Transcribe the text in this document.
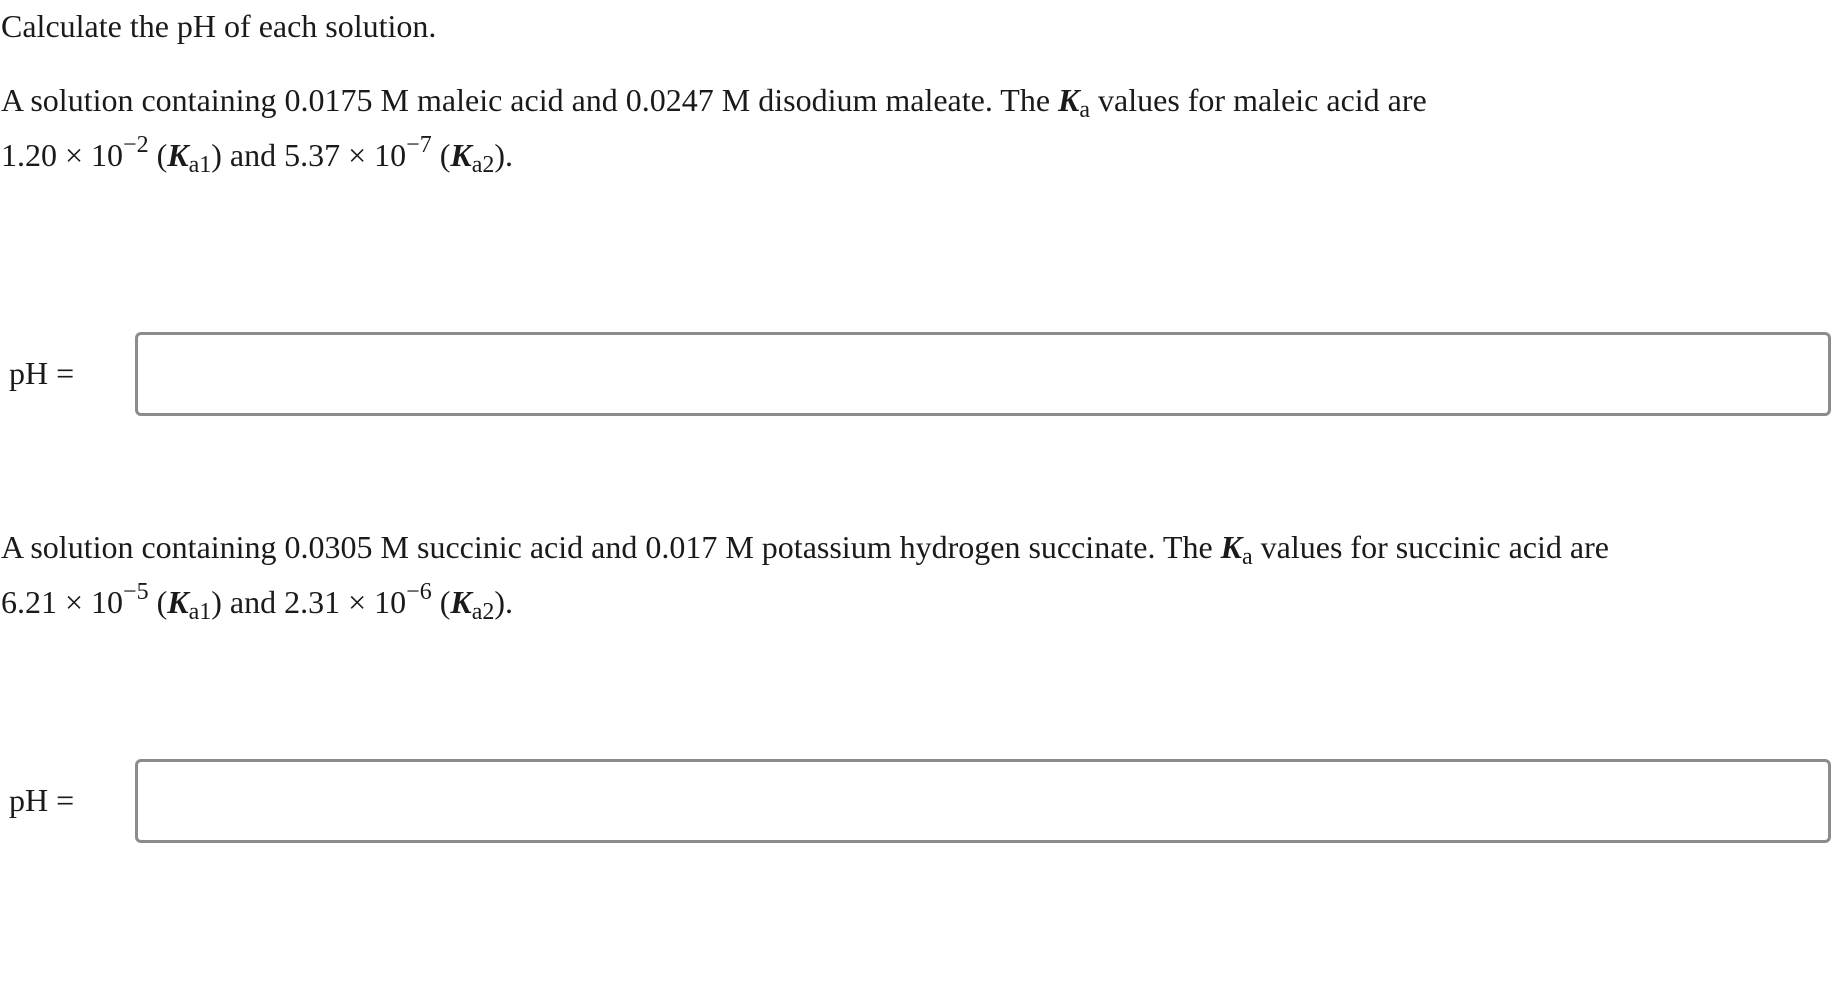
Calculate the pH of each solution.
A solution containing 0.0175 M maleic acid and 0.0247 M disodium maleate. The $K_a$ values for maleic acid are
$1.20 \times 10^{-2}$ $(K_{a1})$ and $5.37 \times 10^{-7}$ $(K_{a2})$.
pH =
A solution containing 0.0305 M succinic acid and 0.017 M potassium hydrogen succinate. The $K_a$ values for succinic acid are
$6.21 \times 10^{-5}$ $(K_{a1})$ and $2.31 \times 10^{-6}$ $(K_{a2})$.
pH =
